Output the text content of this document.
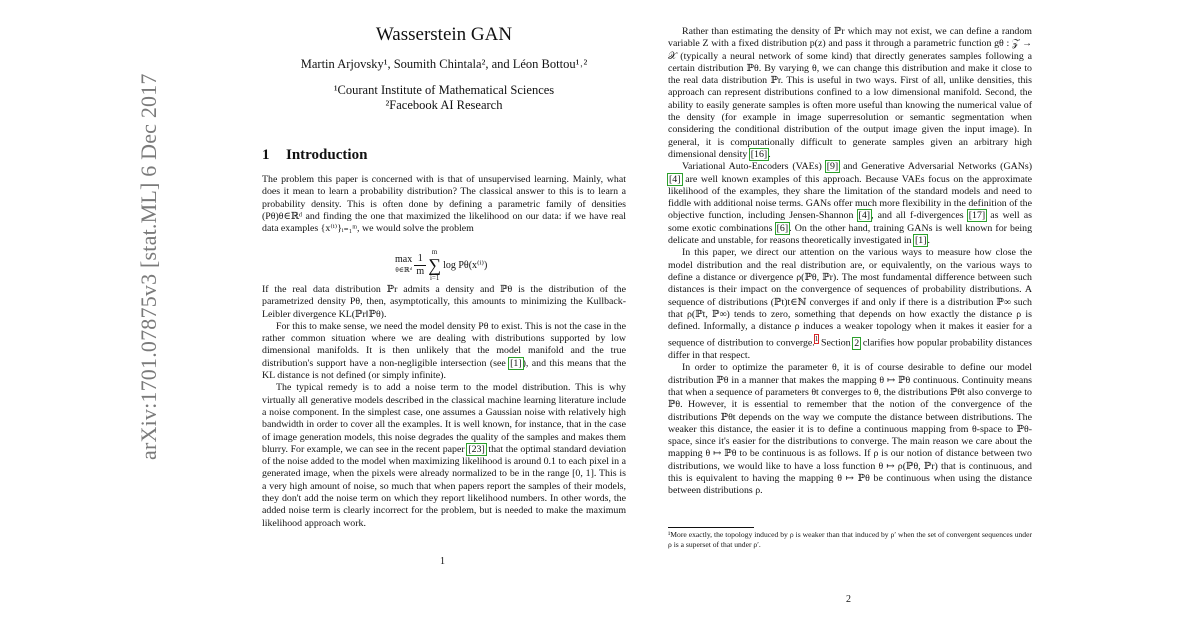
arXiv:1701.07875v3 [stat.ML] 6 Dec 2017
Wasserstein GAN
Martin Arjovsky¹, Soumith Chintala², and Léon Bottou¹˒²
¹Courant Institute of Mathematical Sciences
²Facebook AI Research
1 Introduction

The problem this paper is concerned with is that of unsupervised learning. Mainly, what does it mean to learn a probability distribution? The classical answer to this is to learn a probability density. This is often done by defining a parametric family of densities (Pθ)θ∈ℝᵈ and finding the one that maximized the likelihood on our data: if we have real data examples {x⁽ⁱ⁾}ᵢ₌₁ᵐ, we would solve the problem

max
θ∈ℝᵈ

1
m

m
∑
i=1
	log Pθ(x⁽ⁱ⁾)

If the real data distribution ℙr admits a density and ℙθ is the distribution of the parametrized density Pθ, then, asymptotically, this amounts to minimizing the Kullback-Leibler divergence KL(ℙr‖ℙθ).

For this to make sense, we need the model density Pθ to exist. This is not the case in the rather common situation where we are dealing with distributions supported by low dimensional manifolds. It is then unlikely that the model manifold and the true distribution's support have a non-negligible intersection (see [1]), and this means that the KL distance is not defined (or simply infinite).

The typical remedy is to add a noise term to the model distribution. This is why virtually all generative models described in the classical machine learning literature include a noise component. In the simplest case, one assumes a Gaussian noise with relatively high bandwidth in order to cover all the examples. It is well known, for instance, that in the case of image generation models, this noise degrades the quality of the samples and makes them blurry. For example, we can see in the recent paper [23] that the optimal standard deviation of the noise added to the model when maximizing likelihood is around 0.1 to each pixel in a generated image, when the pixels were already normalized to be in the range [0, 1]. This is a very high amount of noise, so much that when papers report the samples of their models, they don't add the noise term on which they report likelihood numbers. In other words, the added noise term is clearly incorrect for the problem, but is needed to make the maximum likelihood approach work.

1

Rather than estimating the density of ℙr which may not exist, we can define a random variable Z with a fixed distribution p(z) and pass it through a parametric function gθ : 𝒵 → 𝒳 (typically a neural network of some kind) that directly generates samples following a certain distribution ℙθ. By varying θ, we can change this distribution and make it close to the real data distribution ℙr. This is useful in two ways. First of all, unlike densities, this approach can represent distributions confined to a low dimensional manifold. Second, the ability to easily generate samples is often more useful than knowing the numerical value of the density (for example in image superresolution or semantic segmentation when considering the conditional distribution of the output image given the input image). In general, it is computationally difficult to generate samples given an arbitrary high dimensional density [16].

Variational Auto-Encoders (VAEs) [9] and Generative Adversarial Networks (GANs) [4] are well known examples of this approach. Because VAEs focus on the approximate likelihood of the examples, they share the limitation of the standard models and need to fiddle with additional noise terms. GANs offer much more flexibility in the definition of the objective function, including Jensen-Shannon [4], and all f-divergences [17] as well as some exotic combinations [6]. On the other hand, training GANs is well known for being delicate and unstable, for reasons theoretically investigated in [1].

In this paper, we direct our attention on the various ways to measure how close the model distribution and the real distribution are, or equivalently, on the various ways to define a distance or divergence ρ(ℙθ, ℙr). The most fundamental difference between such distances is their impact on the convergence of sequences of probability distributions. A sequence of distributions (ℙt)t∈ℕ converges if and only if there is a distribution ℙ∞ such that ρ(ℙt, ℙ∞) tends to zero, something that depends on how exactly the distance ρ is defined. Informally, a distance ρ induces a weaker topology when it makes it easier for a sequence of distribution to converge.$^1$ Section 2 clarifies how popular probability distances differ in that respect.

In order to optimize the parameter θ, it is of course desirable to define our model distribution ℙθ in a manner that makes the mapping θ ↦ ℙθ continuous. Continuity means that when a sequence of parameters θt converges to θ, the distributions ℙθt also converge to ℙθ. However, it is essential to remember that the notion of the convergence of the distributions ℙθt depends on the way we compute the distance between distributions. The weaker this distance, the easier it is to define a continuous mapping from θ-space to ℙθ-space, since it's easier for the distributions to converge. The main reason we care about the mapping θ ↦ ℙθ to be continuous is as follows. If ρ is our notion of distance between two distributions, we would like to have a loss function θ ↦ ρ(ℙθ, ℙr) that is continuous, and this is equivalent to having the mapping θ ↦ ℙθ be continuous when using the distance between distributions ρ.

¹More exactly, the topology induced by ρ is weaker than that induced by ρ′ when the set of convergent sequences under ρ is a superset of that under ρ′.
2
